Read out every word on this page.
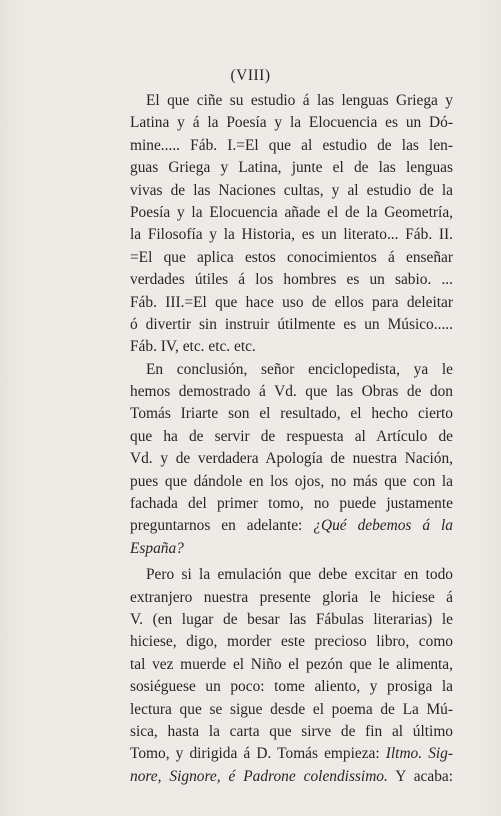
(VIII)
El que ciñe su estudio á las lenguas Griega y
Latina y á la Poesía y la Elocuencia es un Dó-
mine..... Fáb. I.=El que al estudio de las len-
guas Griega y Latina, junte el de las lenguas
vivas de las Naciones cultas, y al estudio de la
Poesía y la Elocuencia añade el de la Geometría,
la Filosofía y la Historia, es un literato... Fáb. II.
=El que aplica estos conocimientos á enseñar
verdades útiles á los hombres es un sabio. ...
Fáb. III.=El que hace uso de ellos para deleitar
ó divertir sin instruir útilmente es un Músico.....
Fáb. IV, etc. etc. etc.
En conclusión, señor enciclopedista, ya le
hemos demostrado á Vd. que las Obras de don
Tomás Iriarte son el resultado, el hecho cierto
que ha de servir de respuesta al Artículo de
Vd. y de verdadera Apología de nuestra Nación,
pues que dándole en los ojos, no más que con la
fachada del primer tomo, no puede justamente
preguntarnos en adelante: ¿Qué debemos á la
España?
Pero si la emulación que debe excitar en todo
extranjero nuestra presente gloria le hiciese á
V. (en lugar de besar las Fábulas literarias) le
hiciese, digo, morder este precioso libro, como
tal vez muerde el Niño el pezón que le alimenta,
sosiéguese un poco: tome aliento, y prosiga la
lectura que se sigue desde el poema de La Mú-
sica, hasta la carta que sirve de fin al último
Tomo, y dirigida á D. Tomás empieza: Iltmo. Sig-
nore, Signore, é Padrone colendissimo. Y acaba:
